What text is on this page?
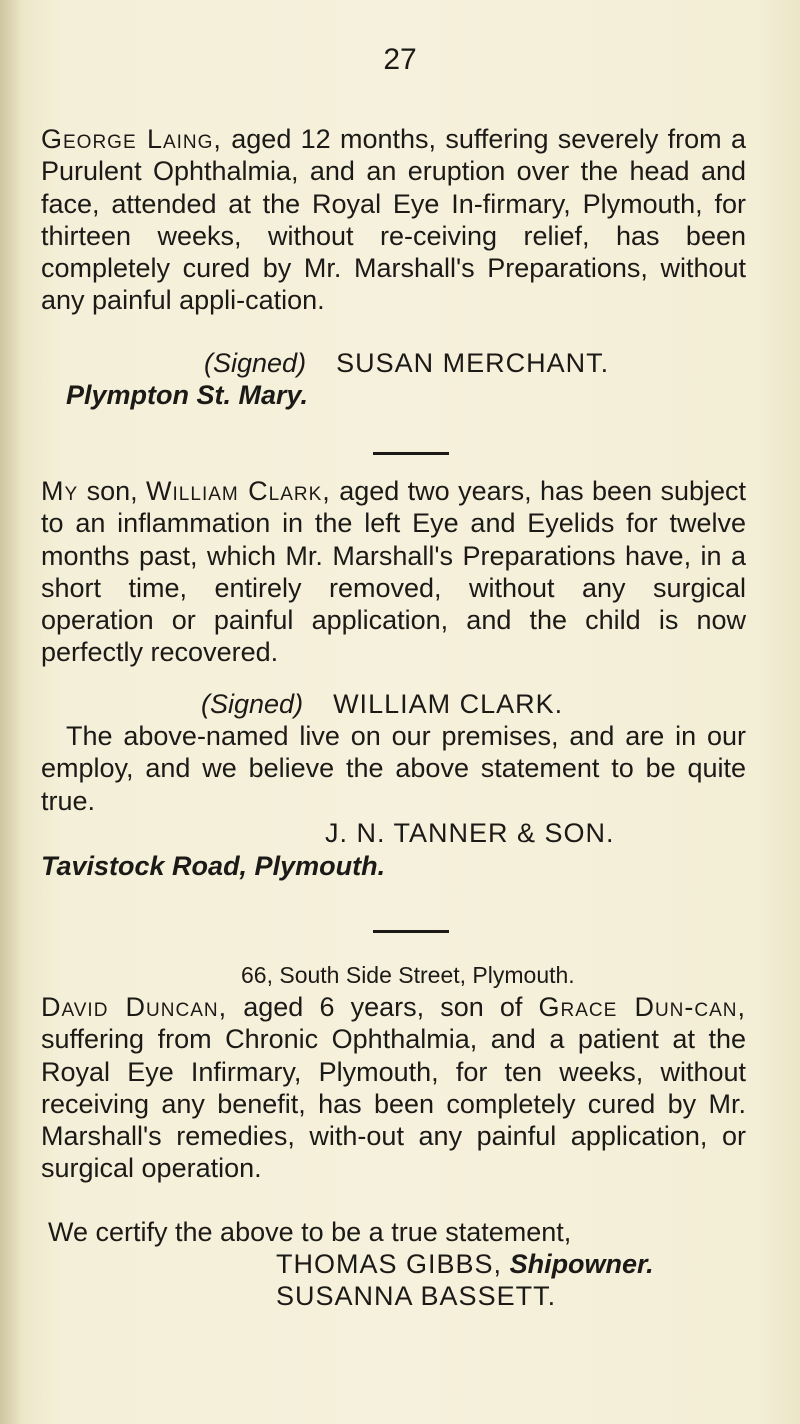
27

George Laing, aged 12 months, suffering severely from a Purulent Ophthalmia, and an eruption over the head and face, attended at the Royal Eye In-firmary, Plymouth, for thirteen weeks, without re-ceiving relief, has been completely cured by Mr. Marshall's Preparations, without any painful appli-cation.

(Signed) SUSAN MERCHANT.
Plympton St. Mary.

My son, William Clark, aged two years, has been subject to an inflammation in the left Eye and Eyelids for twelve months past, which Mr. Marshall's Preparations have, in a short time, entirely removed, without any surgical operation or painful application, and the child is now perfectly recovered.

(Signed) WILLIAM CLARK.

The above-named live on our premises, and are in our employ, and we believe the above statement to be quite true.

J. N. TANNER & SON.
Tavistock Road, Plymouth.
66, South Side Street, Plymouth.

David Duncan, aged 6 years, son of Grace Dun-can, suffering from Chronic Ophthalmia, and a patient at the Royal Eye Infirmary, Plymouth, for ten weeks, without receiving any benefit, has been completely cured by Mr. Marshall's remedies, with-out any painful application, or surgical operation.

We certify the above to be a true statement,
THOMAS GIBBS, Shipowner.
SUSANNA BASSETT.
